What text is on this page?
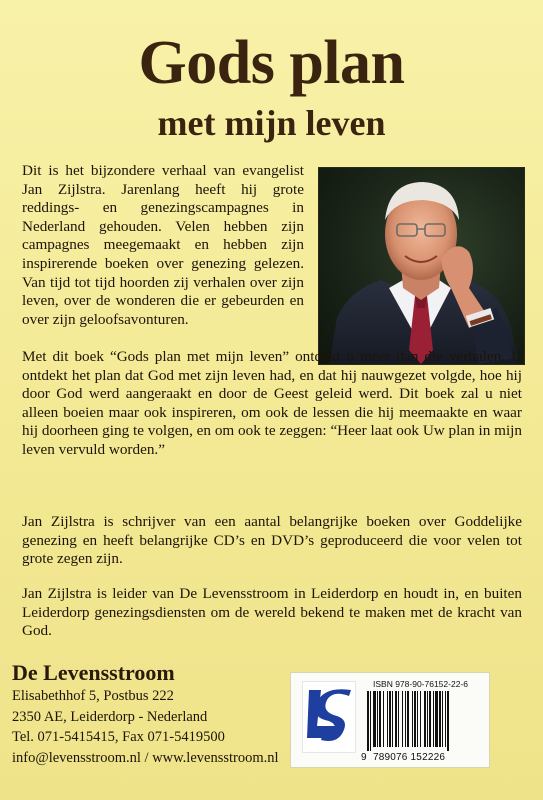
Gods plan
met mijn leven

Dit is het bijzondere verhaal van evangelist Jan Zijlstra. Jarenlang heeft hij grote reddings- en genezingscampagnes in Nederland gehouden. Velen hebben zijn campagnes meegemaakt en hebben zijn inspirerende boeken over genezing gelezen. Van tijd tot tijd hoorden zij verhalen over zijn leven, over de wonderen die er gebeurden en over zijn geloofsavonturen.

Met dit boek “Gods plan met mijn leven” ontdekt u meer dan die verhalen. U ontdekt het plan dat God met zijn leven had, en dat hij nauwgezet volgde, hoe hij door God werd aangeraakt en door de Geest geleid werd. Dit boek zal u niet alleen boeien maar ook inspireren, om ook de lessen die hij meemaakte en waar hij doorheen ging te volgen, en om ook te zeggen: “Heer laat ook Uw plan in mijn leven vervuld worden.”

Jan Zijlstra is schrijver van een aantal belangrijke boeken over Goddelijke genezing en heeft belangrijke CD’s en DVD’s geproduceerd die voor velen tot grote zegen zijn.

Jan Zijlstra is leider van De Levensstroom in Leiderdorp en houdt in, en buiten Leiderdorp genezingsdiensten om de wereld bekend te maken met de kracht van God.

De Levensstroom
Elisabethhof 5, Postbus 222
2350 AE, Leiderdorp - Nederland
Tel. 071-5415415, Fax 071-5419500
info@levensstroom.nl / www.levensstroom.nl
ISBN 978-90-76152-22-6
9 789076 152226
